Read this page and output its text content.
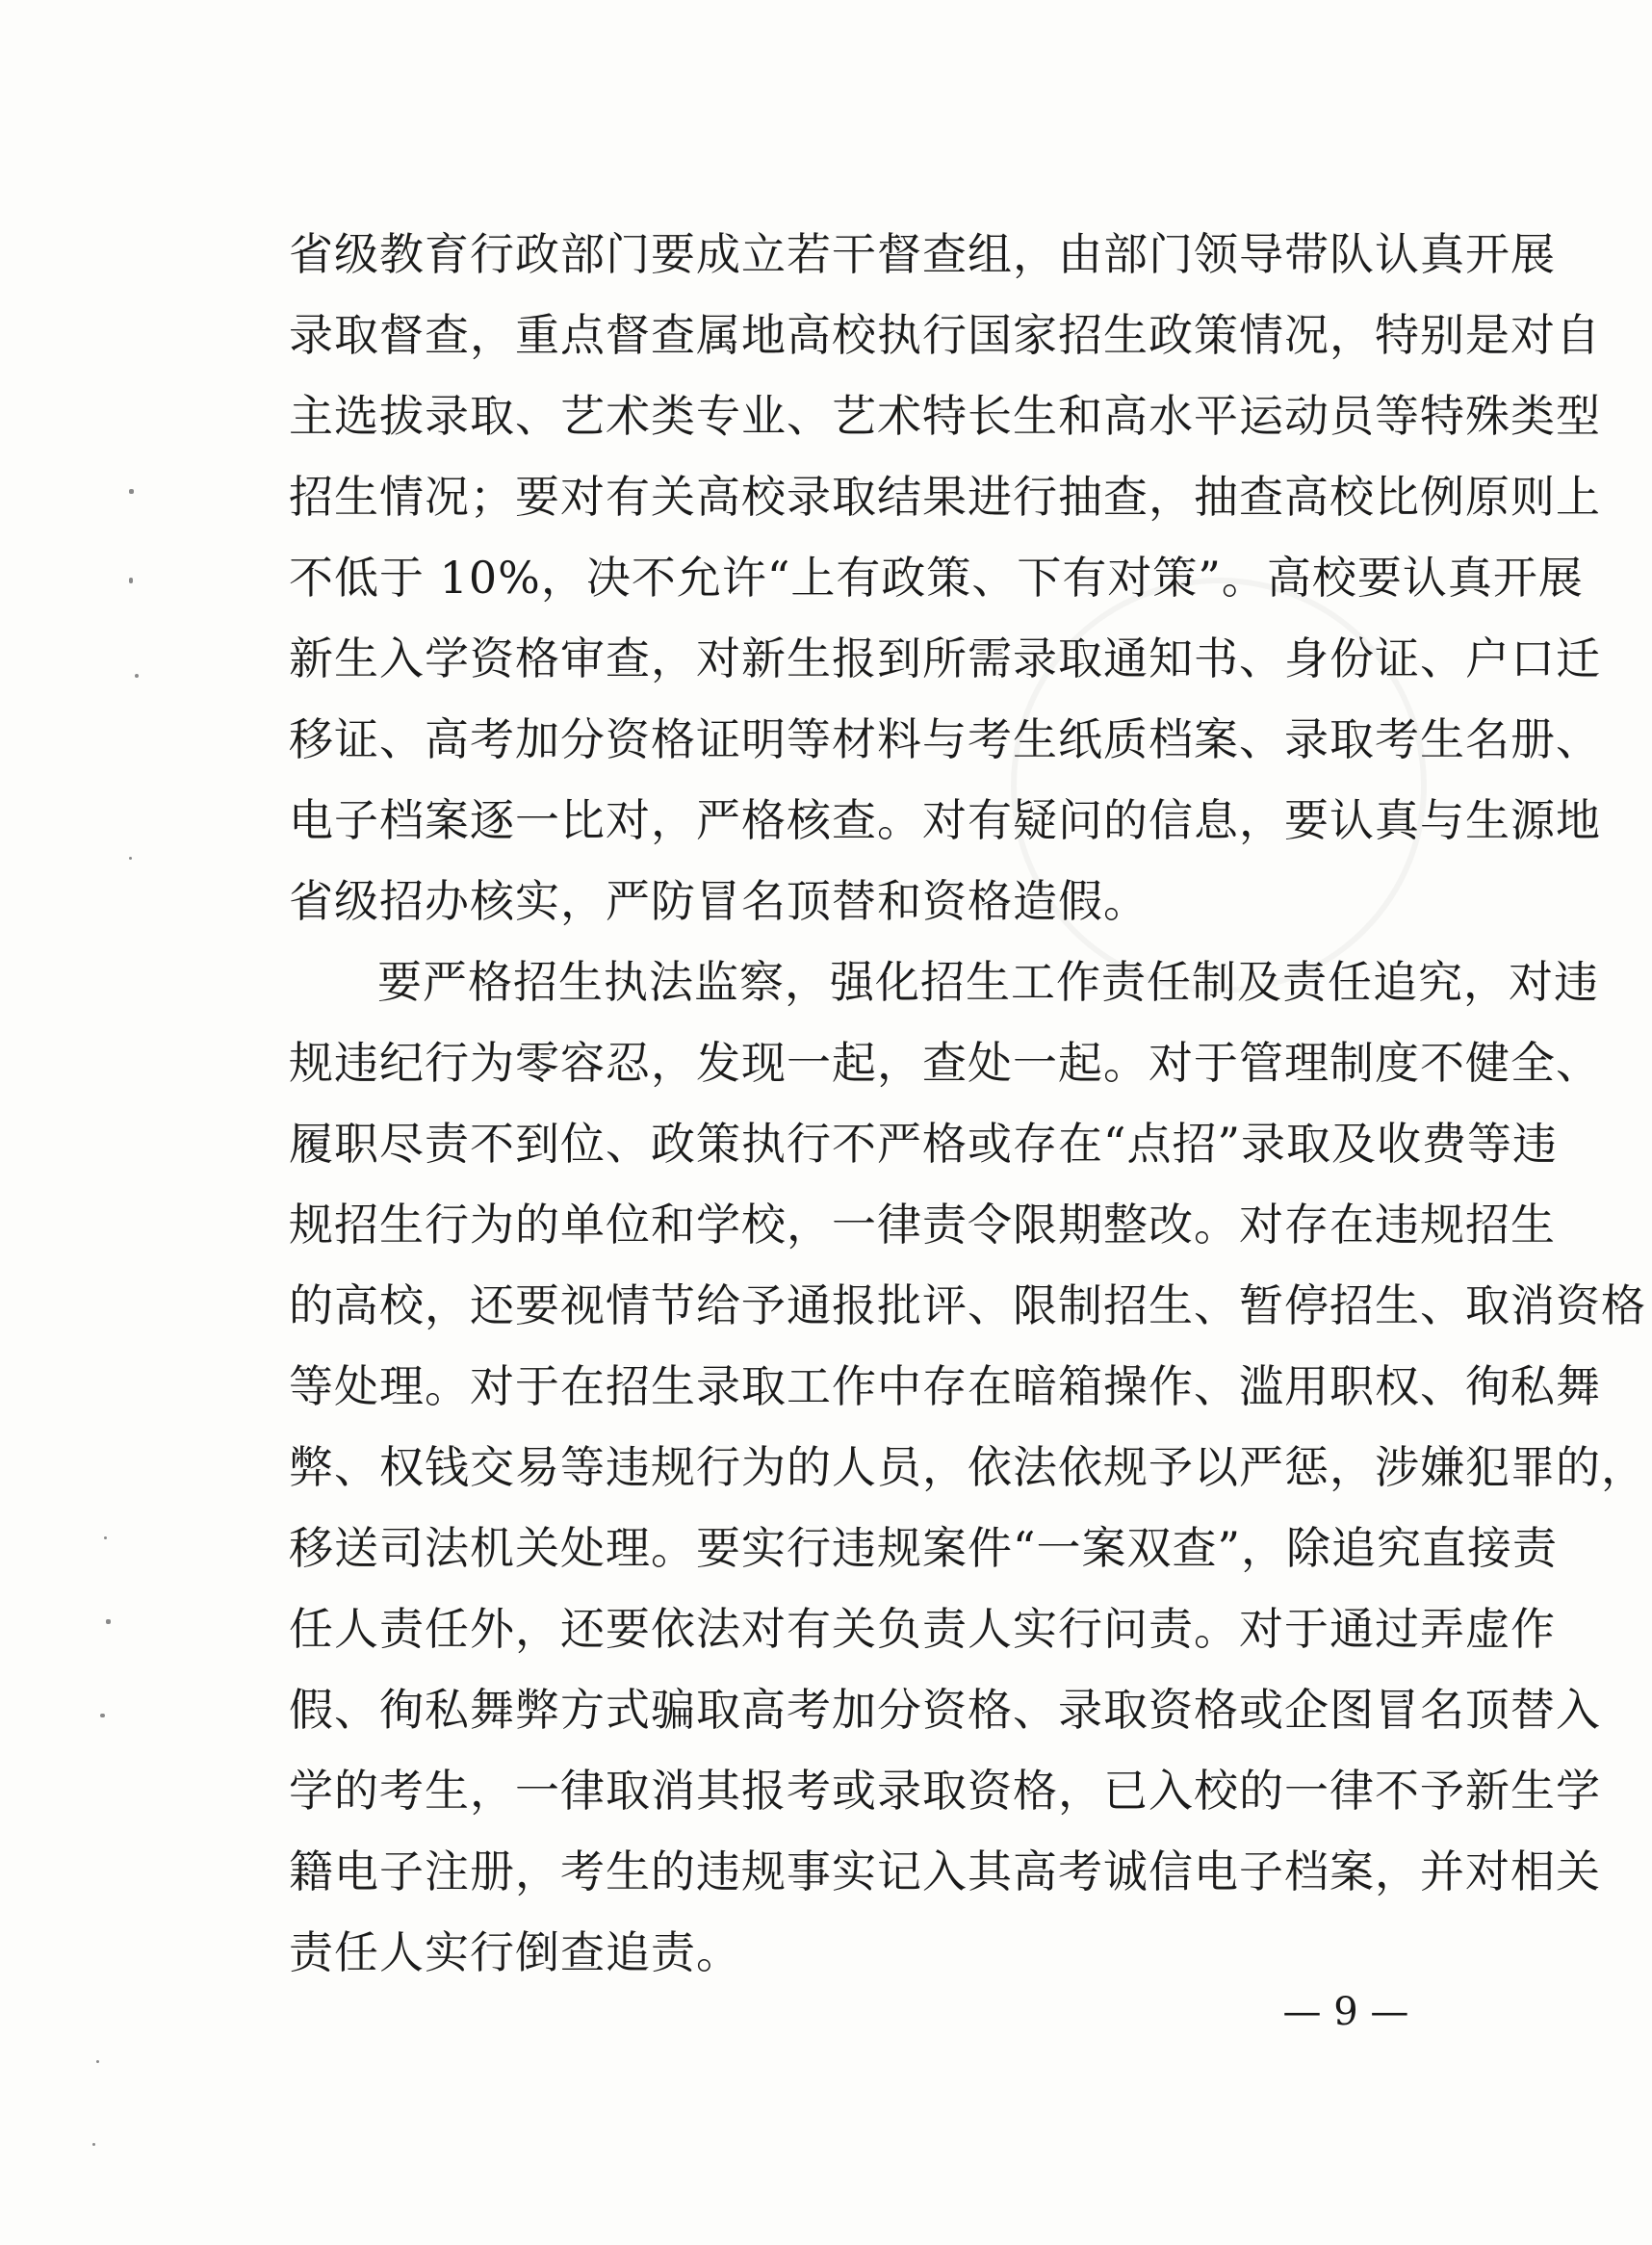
省级教育行政部门要成立若干督查组，由部门领导带队认真开展
录取督查，重点督查属地高校执行国家招生政策情况，特别是对自
主选拔录取、艺术类专业、艺术特长生和高水平运动员等特殊类型
招生情况；要对有关高校录取结果进行抽查，抽查高校比例原则上
不低于 10%，决不允许“上有政策、下有对策”。高校要认真开展
新生入学资格审查，对新生报到所需录取通知书、身份证、户口迁
移证、高考加分资格证明等材料与考生纸质档案、录取考生名册、
电子档案逐一比对，严格核查。对有疑问的信息，要认真与生源地
省级招办核实，严防冒名顶替和资格造假。
要严格招生执法监察，强化招生工作责任制及责任追究，对违
规违纪行为零容忍，发现一起，查处一起。对于管理制度不健全、
履职尽责不到位、政策执行不严格或存在“点招”录取及收费等违
规招生行为的单位和学校，一律责令限期整改。对存在违规招生
的高校，还要视情节给予通报批评、限制招生、暂停招生、取消资格
等处理。对于在招生录取工作中存在暗箱操作、滥用职权、徇私舞
弊、权钱交易等违规行为的人员，依法依规予以严惩，涉嫌犯罪的，
移送司法机关处理。要实行违规案件“一案双查”，除追究直接责
任人责任外，还要依法对有关负责人实行问责。对于通过弄虚作
假、徇私舞弊方式骗取高考加分资格、录取资格或企图冒名顶替入
学的考生，一律取消其报考或录取资格，已入校的一律不予新生学
籍电子注册，考生的违规事实记入其高考诚信电子档案，并对相关
责任人实行倒查追责。
— 9 —
